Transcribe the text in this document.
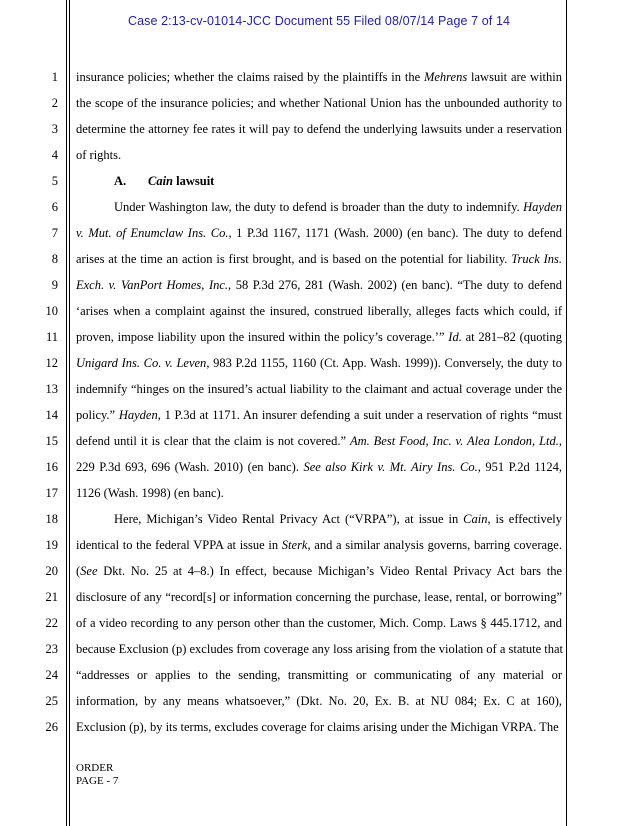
Case 2:13-cv-01014-JCC Document 55 Filed 08/07/14 Page 7 of 14
1 insurance policies; whether the claims raised by the plaintiffs in the Mehrens lawsuit are within
2 the scope of the insurance policies; and whether National Union has the unbounded authority to
3 determine the attorney fee rates it will pay to defend the underlying lawsuits under a reservation
4 of rights.
5	A. Cain lawsuit
6	Under Washington law, the duty to defend is broader than the duty to indemnify. Hayden
7 v. Mut. of Enumclaw Ins. Co., 1 P.3d 1167, 1171 (Wash. 2000) (en banc). The duty to defend
8 arises at the time an action is first brought, and is based on the potential for liability. Truck Ins.
9 Exch. v. VanPort Homes, Inc., 58 P.3d 276, 281 (Wash. 2002) (en banc). “The duty to defend
10 ‘arises when a complaint against the insured, construed liberally, alleges facts which could, if
11 proven, impose liability upon the insured within the policy’s coverage.’” Id. at 281–82 (quoting
12 Unigard Ins. Co. v. Leven, 983 P.2d 1155, 1160 (Ct. App. Wash. 1999)). Conversely, the duty to
13 indemnify “hinges on the insured’s actual liability to the claimant and actual coverage under the
14 policy.” Hayden, 1 P.3d at 1171. An insurer defending a suit under a reservation of rights “must
15 defend until it is clear that the claim is not covered.” Am. Best Food, Inc. v. Alea London, Ltd.,
16 229 P.3d 693, 696 (Wash. 2010) (en banc). See also Kirk v. Mt. Airy Ins. Co., 951 P.2d 1124,
17 1126 (Wash. 1998) (en banc).
18	Here, Michigan’s Video Rental Privacy Act (“VRPA”), at issue in Cain, is effectively
19 identical to the federal VPPA at issue in Sterk, and a similar analysis governs, barring coverage.
20 (See Dkt. No. 25 at 4–8.) In effect, because Michigan’s Video Rental Privacy Act bars the
21 disclosure of any “record[s] or information concerning the purchase, lease, rental, or borrowing”
22 of a video recording to any person other than the customer, Mich. Comp. Laws § 445.1712, and
23 because Exclusion (p) excludes from coverage any loss arising from the violation of a statute that
24 “addresses or applies to the sending, transmitting or communicating of any material or
25 information, by any means whatsoever,” (Dkt. No. 20, Ex. B. at NU 084; Ex. C at 160),
26 Exclusion (p), by its terms, excludes coverage for claims arising under the Michigan VRPA. The
ORDER
PAGE - 7
